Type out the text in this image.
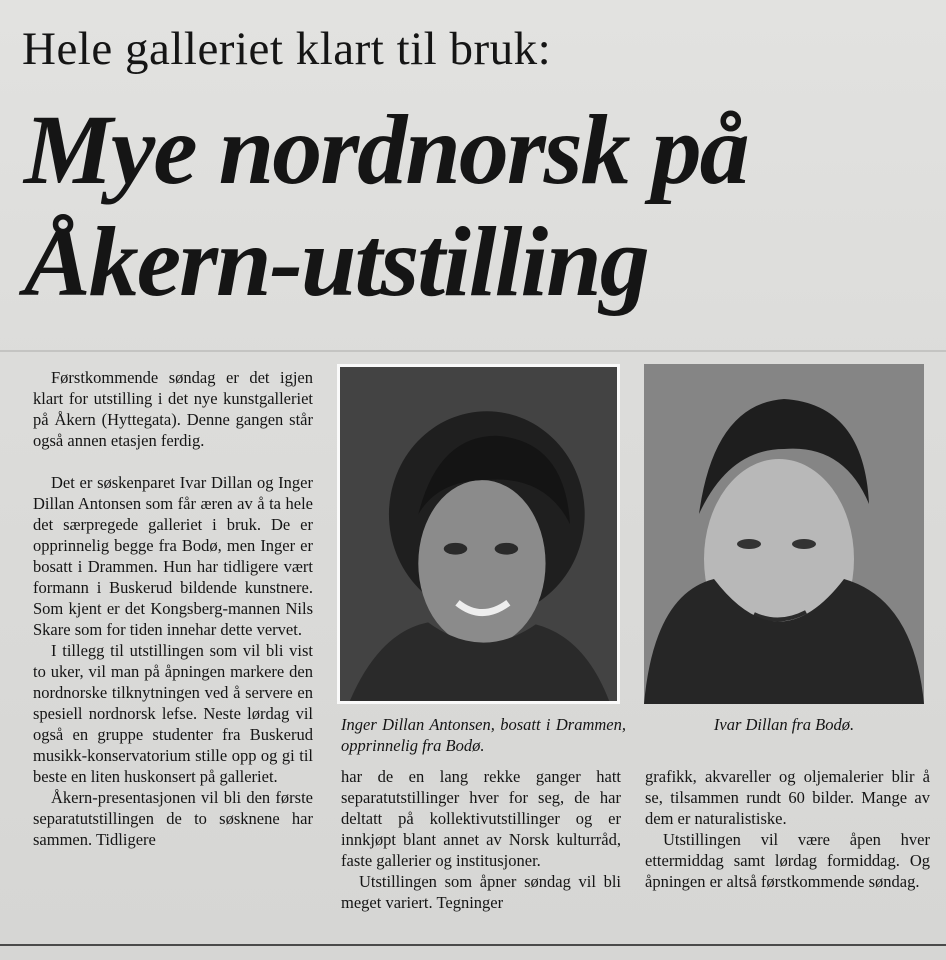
Hele galleriet klart til bruk:
Mye nordnorsk på
Åkern-utstilling

Førstkommende søndag er det igjen klart for utstilling i det nye kunstgalleriet på Åkern (Hyttegata). Denne gangen står også annen etasjen ferdig.

Det er søskenparet Ivar Dillan og Inger Dillan Antonsen som får æren av å ta hele det særpregede galleriet i bruk. De er opprinnelig begge fra Bodø, men Inger er bosatt i Drammen. Hun har tidligere vært formann i Buskerud bildende kunstnere. Som kjent er det Kongsberg-mannen Nils Skare som for tiden innehar dette vervet.

I tillegg til utstillingen som vil bli vist to uker, vil man på åpningen markere den nordnorske tilknytningen ved å servere en spesiell nordnorsk lefse. Neste lørdag vil også en gruppe studenter fra Buskerud musikk-konservatorium stille opp og gi til beste en liten huskonsert på galleriet.

Åkern-presentasjonen vil bli den første separatutstillingen de to søsknene har sammen. Tidligere

Inger Dillan Antonsen, bosatt i Drammen, opprinnelig fra Bodø.
Ivar Dillan fra Bodø.

har de en lang rekke ganger hatt separatutstillinger hver for seg, de har deltatt på kollektivutstillinger og er innkjøpt blant annet av Norsk kulturråd, faste gallerier og institusjoner.

Utstillingen som åpner søndag vil bli meget variert. Tegninger

grafikk, akvareller og oljemalerier blir å se, tilsammen rundt 60 bilder. Mange av dem er naturalistiske.

Utstillingen vil være åpen hver ettermiddag samt lørdag formiddag. Og åpningen er altså førstkommende søndag.
